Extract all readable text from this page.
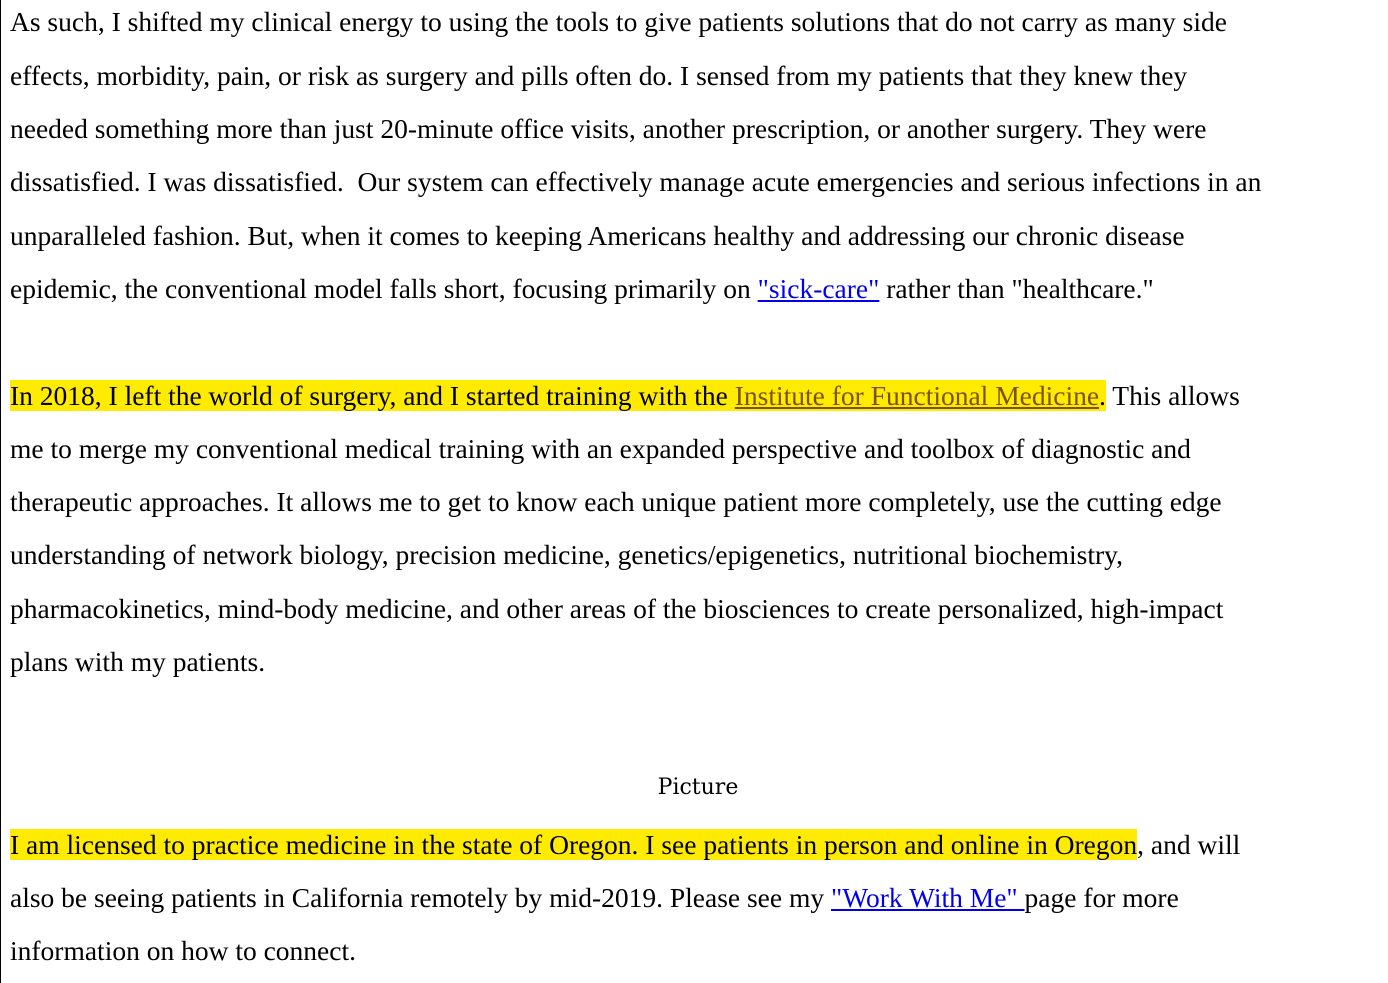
As such, I shifted my clinical energy to using the tools to give patients solutions that do not carry as many side
effects, morbidity, pain, or risk as surgery and pills often do. I sensed from my patients that they knew they
needed something more than just 20-minute office visits, another prescription, or another surgery. They were
dissatisfied. I was dissatisfied.  Our system can effectively manage acute emergencies and serious infections in an
unparalleled fashion. But, when it comes to keeping Americans healthy and addressing our chronic disease
epidemic, the conventional model falls short, focusing primarily on "sick-care" rather than "healthcare."
In 2018, I left the world of surgery, and I started training with the Institute for Functional Medicine. This allows
me to merge my conventional medical training with an expanded perspective and toolbox of diagnostic and
therapeutic approaches. It allows me to get to know each unique patient more completely, use the cutting edge
understanding of network biology, precision medicine, genetics/epigenetics, nutritional biochemistry,
pharmacokinetics, mind-body medicine, and other areas of the biosciences to create personalized, high-impact
plans with my patients.
I am licensed to practice medicine in the state of Oregon. I see patients in person and online in Oregon, and will
also be seeing patients in California remotely by mid-2019. Please see my "Work With Me" page for more
information on how to connect.
Picture
